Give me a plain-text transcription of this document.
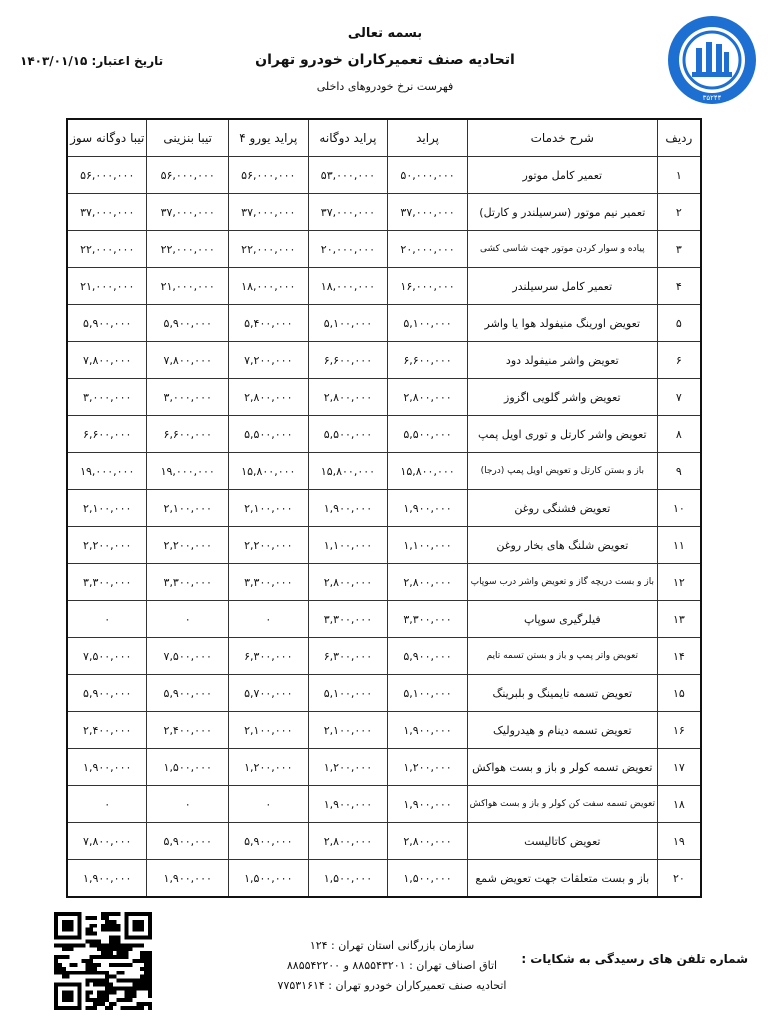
۳۵۲۴۴
بسمه تعالی
اتحادیه صنف تعمیرکاران خودرو تهران
فهرست نرخ خودروهای داخلی
تاریخ اعتبار: ۱۴۰۳/۰۱/۱۵
ردیف	شرح خدمات	پراید	پراید دوگانه	پراید یورو ۴	تیبا بنزینی	تیبا دوگانه سوز
۱	تعمیر کامل موتور	۵۰,۰۰۰,۰۰۰	۵۳,۰۰۰,۰۰۰	۵۶,۰۰۰,۰۰۰	۵۶,۰۰۰,۰۰۰	۵۶,۰۰۰,۰۰۰
۲	تعمیر نیم موتور (سرسیلندر و کارتل)	۳۷,۰۰۰,۰۰۰	۳۷,۰۰۰,۰۰۰	۳۷,۰۰۰,۰۰۰	۳۷,۰۰۰,۰۰۰	۳۷,۰۰۰,۰۰۰
۳	پیاده و سوار کردن موتور جهت شاسی کشی	۲۰,۰۰۰,۰۰۰	۲۰,۰۰۰,۰۰۰	۲۲,۰۰۰,۰۰۰	۲۲,۰۰۰,۰۰۰	۲۲,۰۰۰,۰۰۰
۴	تعمیر کامل سرسیلندر	۱۶,۰۰۰,۰۰۰	۱۸,۰۰۰,۰۰۰	۱۸,۰۰۰,۰۰۰	۲۱,۰۰۰,۰۰۰	۲۱,۰۰۰,۰۰۰
۵	تعویض اورینگ منیفولد هوا یا واشر	۵,۱۰۰,۰۰۰	۵,۱۰۰,۰۰۰	۵,۴۰۰,۰۰۰	۵,۹۰۰,۰۰۰	۵,۹۰۰,۰۰۰
۶	تعویض واشر منیفولد دود	۶,۶۰۰,۰۰۰	۶,۶۰۰,۰۰۰	۷,۲۰۰,۰۰۰	۷,۸۰۰,۰۰۰	۷,۸۰۰,۰۰۰
۷	تعویض واشر گلویی اگزوز	۲,۸۰۰,۰۰۰	۲,۸۰۰,۰۰۰	۲,۸۰۰,۰۰۰	۳,۰۰۰,۰۰۰	۳,۰۰۰,۰۰۰
۸	تعویض واشر کارتل و توری اویل پمپ	۵,۵۰۰,۰۰۰	۵,۵۰۰,۰۰۰	۵,۵۰۰,۰۰۰	۶,۶۰۰,۰۰۰	۶,۶۰۰,۰۰۰
۹	باز و بستن کارتل و تعویض اویل پمپ (درجا)	۱۵,۸۰۰,۰۰۰	۱۵,۸۰۰,۰۰۰	۱۵,۸۰۰,۰۰۰	۱۹,۰۰۰,۰۰۰	۱۹,۰۰۰,۰۰۰
۱۰	تعویض فشنگی روغن	۱,۹۰۰,۰۰۰	۱,۹۰۰,۰۰۰	۲,۱۰۰,۰۰۰	۲,۱۰۰,۰۰۰	۲,۱۰۰,۰۰۰
۱۱	تعویض شلنگ های بخار روغن	۱,۱۰۰,۰۰۰	۱,۱۰۰,۰۰۰	۲,۲۰۰,۰۰۰	۲,۲۰۰,۰۰۰	۲,۲۰۰,۰۰۰
۱۲	باز و بست دریچه گاز و تعویض واشر درب سوپاپ	۲,۸۰۰,۰۰۰	۲,۸۰۰,۰۰۰	۳,۳۰۰,۰۰۰	۳,۳۰۰,۰۰۰	۳,۳۰۰,۰۰۰
۱۳	فیلرگیری سوپاپ	۳,۳۰۰,۰۰۰	۳,۳۰۰,۰۰۰	۰	۰	۰
۱۴	تعویض واتر پمپ و باز و بستن تسمه تایم	۵,۹۰۰,۰۰۰	۶,۳۰۰,۰۰۰	۶,۳۰۰,۰۰۰	۷,۵۰۰,۰۰۰	۷,۵۰۰,۰۰۰
۱۵	تعویض تسمه تایمینگ و بلبرینگ	۵,۱۰۰,۰۰۰	۵,۱۰۰,۰۰۰	۵,۷۰۰,۰۰۰	۵,۹۰۰,۰۰۰	۵,۹۰۰,۰۰۰
۱۶	تعویض تسمه دینام و هیدرولیک	۱,۹۰۰,۰۰۰	۲,۱۰۰,۰۰۰	۲,۱۰۰,۰۰۰	۲,۴۰۰,۰۰۰	۲,۴۰۰,۰۰۰
۱۷	تعویض تسمه کولر و باز و بست هواکش	۱,۲۰۰,۰۰۰	۱,۲۰۰,۰۰۰	۱,۲۰۰,۰۰۰	۱,۵۰۰,۰۰۰	۱,۹۰۰,۰۰۰
۱۸	تعویض تسمه سفت کن کولر و باز و بست هواکش	۱,۹۰۰,۰۰۰	۱,۹۰۰,۰۰۰	۰	۰	۰
۱۹	تعویض کاتالیست	۲,۸۰۰,۰۰۰	۲,۸۰۰,۰۰۰	۵,۹۰۰,۰۰۰	۵,۹۰۰,۰۰۰	۷,۸۰۰,۰۰۰
۲۰	باز و بست متعلقات جهت تعویض شمع	۱,۵۰۰,۰۰۰	۱,۵۰۰,۰۰۰	۱,۵۰۰,۰۰۰	۱,۹۰۰,۰۰۰	۱,۹۰۰,۰۰۰
سازمان بازرگانی استان تهران : ۱۲۴
اتاق اصناف تهران : ۸۸۵۵۴۳۲۰۱ و ۸۸۵۵۴۲۲۰۰
اتحادیه صنف تعمیرکاران خودرو تهران : ۷۷۵۳۱۶۱۴
شماره تلفن های رسیدگی به شکایات :
